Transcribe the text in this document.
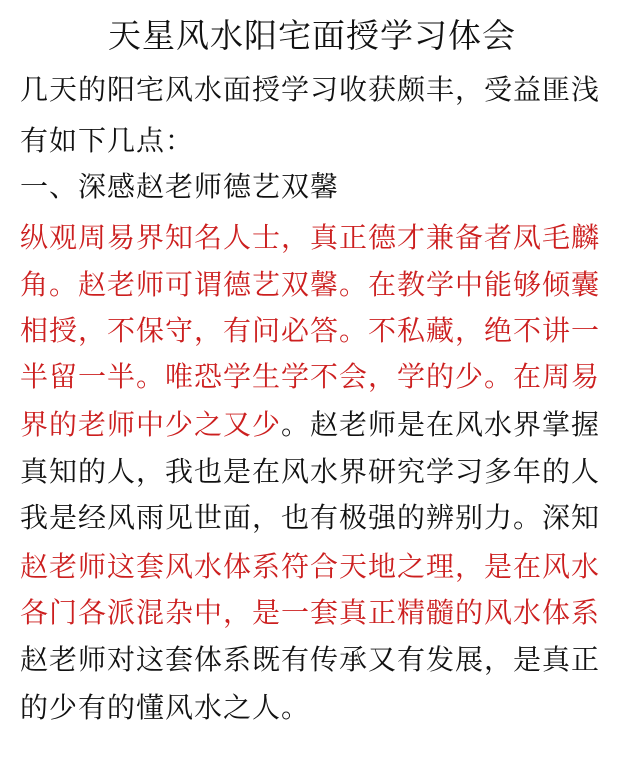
天星风水阳宅面授学习体会
几天的阳宅风水面授学习收获颇丰，受益匪浅
有如下几点：
一、深感赵老师德艺双馨
纵观周易界知名人士，真正德才兼备者凤毛麟
角。赵老师可谓德艺双馨。在教学中能够倾囊
相授，不保守，有问必答。不私藏，绝不讲一
半留一半。唯恐学生学不会，学的少。在周易
界的老师中少之又少。赵老师是在风水界掌握
真知的人，我也是在风水界研究学习多年的人
我是经风雨见世面，也有极强的辨别力。深知
赵老师这套风水体系符合天地之理，是在风水
各门各派混杂中，是一套真正精髓的风水体系
赵老师对这套体系既有传承又有发展，是真正
的少有的懂风水之人。
